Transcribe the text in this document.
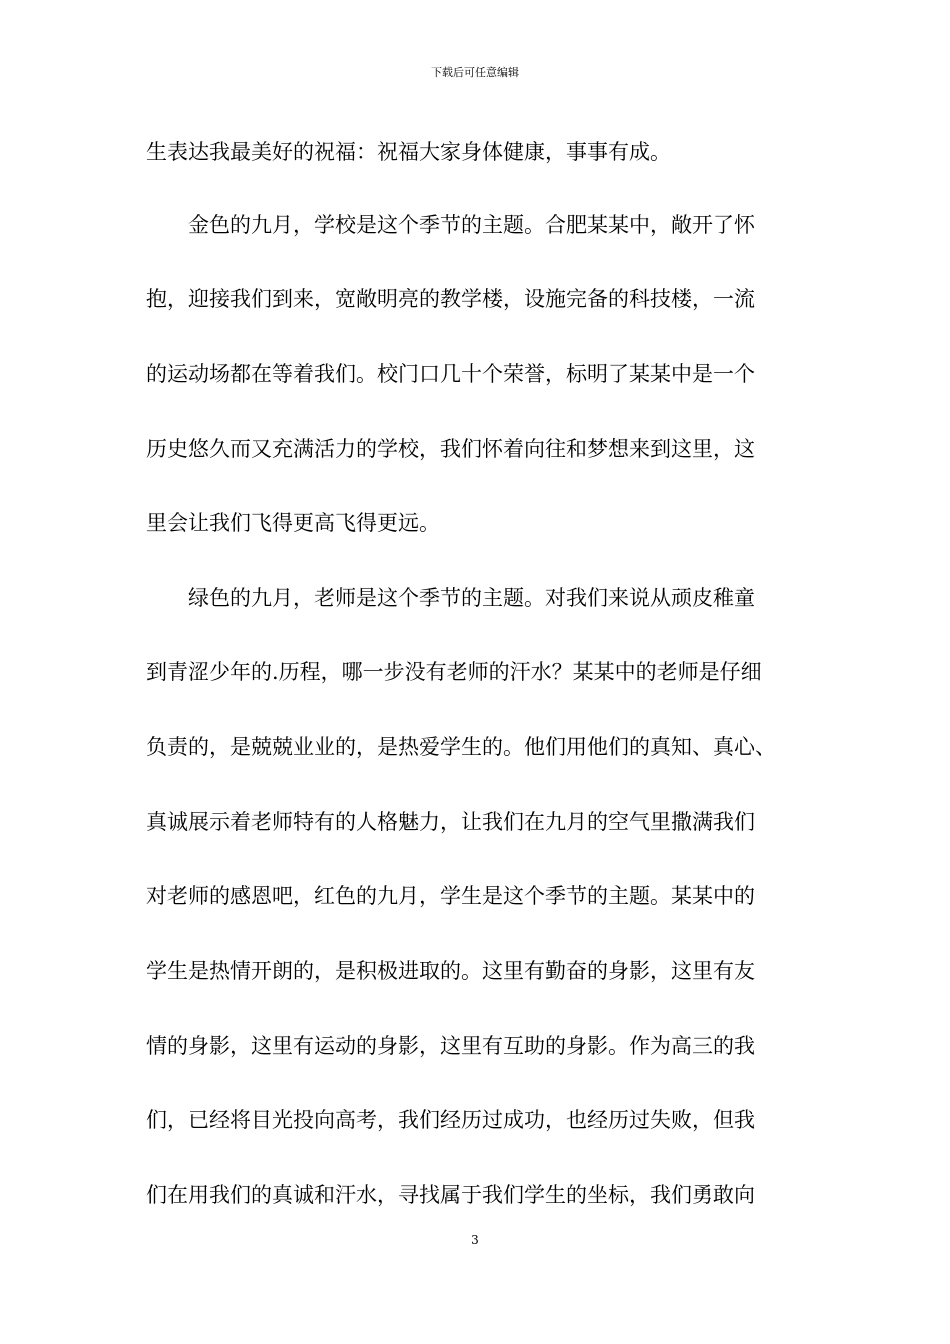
下载后可任意编辑
生表达我最美好的祝福：祝福大家身体健康，事事有成。
　　金色的九月，学校是这个季节的主题。合肥某某中，敞开了怀
抱，迎接我们到来，宽敞明亮的教学楼，设施完备的科技楼，一流
的运动场都在等着我们。校门口几十个荣誉，标明了某某中是一个
历史悠久而又充满活力的学校，我们怀着向往和梦想来到这里，这
里会让我们飞得更高飞得更远。
　　绿色的九月，老师是这个季节的主题。对我们来说从顽皮稚童
到青涩少年的.历程，哪一步没有老师的汗水？某某中的老师是仔细
负责的，是兢兢业业的，是热爱学生的。他们用他们的真知、真心、
真诚展示着老师特有的人格魅力，让我们在九月的空气里撒满我们
对老师的感恩吧，红色的九月，学生是这个季节的主题。某某中的
学生是热情开朗的，是积极进取的。这里有勤奋的身影，这里有友
情的身影，这里有运动的身影，这里有互助的身影。作为高三的我
们，已经将目光投向高考，我们经历过成功，也经历过失败，但我
们在用我们的真诚和汗水，寻找属于我们学生的坐标，我们勇敢向
3
